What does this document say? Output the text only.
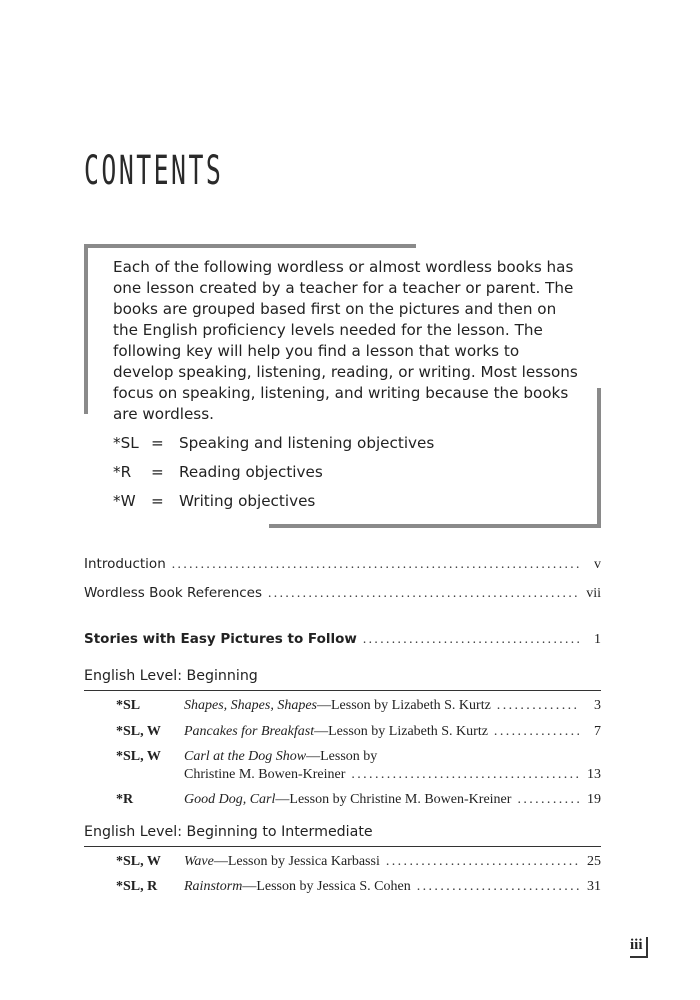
CONTENTS

Each of the following wordless or almost wordless books has one lesson created by a teacher for a teacher or parent. The books are grouped based first on the pictures and then on the English proficiency levels needed for the lesson. The following key will help you find a lesson that works to develop speaking, listening, reading, or writing. Most lessons focus on speaking, listening, and writing because the books are wordless.

*SL = Speaking and listening objectives
*R = Reading objectives
*W = Writing objectives
Introduction .....	v
Wordless Book References .....	vii
Stories with Easy Pictures to Follow .....	1
English Level: Beginning
*SL	Shapes, Shapes, Shapes—Lesson by Lizabeth S. Kurtz .....	3
*SL, W Pancakes for Breakfast—Lesson by Lizabeth S. Kurtz .....	7
*SL, W Carl at the Dog Show—Lesson by
Christine M. Bowen-Kreiner .....	13
*R	Good Dog, Carl—Lesson by Christine M. Bowen-Kreiner .....	19
English Level: Beginning to Intermediate
*SL, W Wave—Lesson by Jessica Karbassi .....	25
*SL, R Rainstorm—Lesson by Jessica S. Cohen .....	31
iii
